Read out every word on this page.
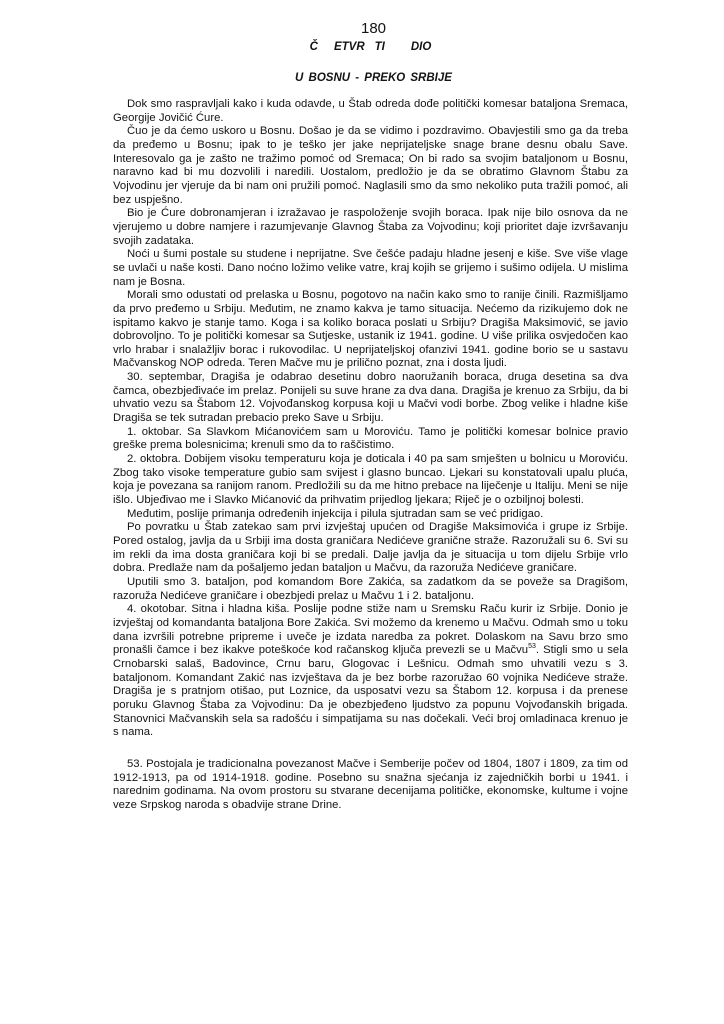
180
Č ETVR TI DIO
U BOSNU - PREKO SRBIJE

Dok smo raspravljali kako i kuda odavde, u Štab odreda dođe politički komesar bataljona Sremaca, Georgije Jovičić Ćure.

Čuo je da ćemo uskoro u Bosnu. Došao je da se vidimo i pozdravimo. Obavjestili smo ga da treba da pređemo u Bosnu; ipak to je teško jer jake neprijateljske snage brane desnu obalu Save. Interesovalo ga je zašto ne tražimo pomoć od Sremaca; On bi rado sa svojim bataljonom u Bosnu, naravno kad bi mu dozvolili i naredili. Uostalom, predložio je da se obratimo Glavnom Štabu za Vojvodinu jer vjeruje da bi nam oni pružili pomoć. Naglasili smo da smo nekoliko puta tražili pomoć, ali bez uspješno.

Bio je Ćure dobronamjeran i izražavao je raspoloženje svojih boraca. Ipak nije bilo osnova da ne vjerujemo u dobre namjere i razumjevanje Glavnog Štaba za Vojvodinu; koji prioritet daje izvršavanju svojih zadataka.

Noći u šumi postale su studene i neprijatne. Sve češće padaju hladne jesenj e kiše. Sve više vlage se uvlači u naše kosti. Dano noćno ložimo velike vatre, kraj kojih se grijemo i sušimo odijela. U mislima nam je Bosna.

Morali smo odustati od prelaska u Bosnu, pogotovo na način kako smo to ranije činili. Razmišljamo da prvo pređemo u Srbiju. Međutim, ne znamo kakva je tamo situacija. Nećemo da rizikujemo dok ne ispitamo kakvo je stanje tamo. Koga i sa koliko boraca poslati u Srbiju? Dragiša Maksimović, se javio dobrovoljno. To je politički komesar sa Sutjeske, ustanik iz 1941. godine. U više prilika osvjedočen kao vrlo hrabar i snalažljiv borac i rukovodilac. U neprijateljskoj ofanzivi 1941. godine borio se u sastavu Mačvanskog NOP odreda. Teren Mačve mu je prilično poznat, zna i dosta ljudi.

30. septembar, Dragiša je odabrao desetinu dobro naoružanih boraca, druga desetina sa dva čamca, obezbjeđivaće im prelaz. Ponijeli su suve hrane za dva dana. Dragiša je krenuo za Srbiju, da bi uhvatio vezu sa Štabom 12. Vojvođanskog korpusa koji u Mačvi vodi borbe. Zbog velike i hladne kiše Dragiša se tek sutradan prebacio preko Save u Srbiju.

1. oktobar. Sa Slavkom Mićanovićem sam u Moroviću. Tamo je politički komesar bolnice pravio greške prema bolesnicima; krenuli smo da to raščistimo.

2. oktobra. Dobijem visoku temperaturu koja je doticala i 40 pa sam smješten u bolnicu u Moroviću. Zbog tako visoke temperature gubio sam svijest i glasno buncao. Ljekari su konstatovali upalu pluća, koja je povezana sa ranijom ranom. Predložili su da me hitno prebace na liječenje u Italiju. Meni se nije išlo. Ubjeđivao me i Slavko Mićanović da prihvatim prijedlog ljekara; Riječ je o ozbiljnoj bolesti.

Međutim, poslije primanja određenih injekcija i pilula sjutradan sam se već pridigao.

Po povratku u Štab zatekao sam prvi izvještaj upućen od Dragiše Maksimovića i grupe iz Srbije. Pored ostalog, javlja da u Srbiji ima dosta graničara Nedićeve granične straže. Razoružali su 6. Svi su im rekli da ima dosta graničara koji bi se predali. Dalje javlja da je situacija u tom dijelu Srbije vrlo dobra. Predlaže nam da pošaljemo jedan bataljon u Mačvu, da razoruža Nedićeve graničare.

Uputili smo 3. bataljon, pod komandom Bore Zakića, sa zadatkom da se poveže sa Dragišom, razoruža Nedićeve graničare i obezbjedi prelaz u Mačvu 1 i 2. bataljonu.

4. okotobar. Sitna i hladna kiša. Poslije podne stiže nam u Sremsku Raču kurir iz Srbije. Donio je izvještaj od komandanta bataljona Bore Zakića. Svi možemo da krenemo u Mačvu. Odmah smo u toku dana izvršili potrebne pripreme i uveče je izdata naredba za pokret. Dolaskom na Savu brzo smo pronašli čamce i bez ikakve poteškoće kod račanskog ključa prevezli se u Mačvu$^{53}$. Stigli smo u sela Crnobarski salaš, Badovince, Crnu baru, Glogovac i Lešnicu. Odmah smo uhvatili vezu s 3. bataljonom. Komandant Zakić nas izvještava da je bez borbe razoružao 60 vojnika Nedićeve straže. Dragiša je s pratnjom otišao, put Loznice, da usposatvi vezu sa Štabom 12. korpusa i da prenese poruku Glavnog Štaba za Vojvodinu: Da je obezbjeđeno ljudstvo za popunu Vojvođanskih brigada. Stanovnici Mačvanskih sela sa radošću i simpatijama su nas dočekali. Veći broj omladinaca krenuo je s nama.

53. Postojala je tradicionalna povezanost Mačve i Semberije počev od 1804, 1807 i 1809, za tim od 1912-1913, pa od 1914-1918. godine. Posebno su snažna sjećanja iz zajedničkih borbi u 1941. i narednim godinama. Na ovom prostoru su stvarane decenijama političke, ekonomske, kultume i vojne veze Srpskog naroda s obadvije strane Drine.
